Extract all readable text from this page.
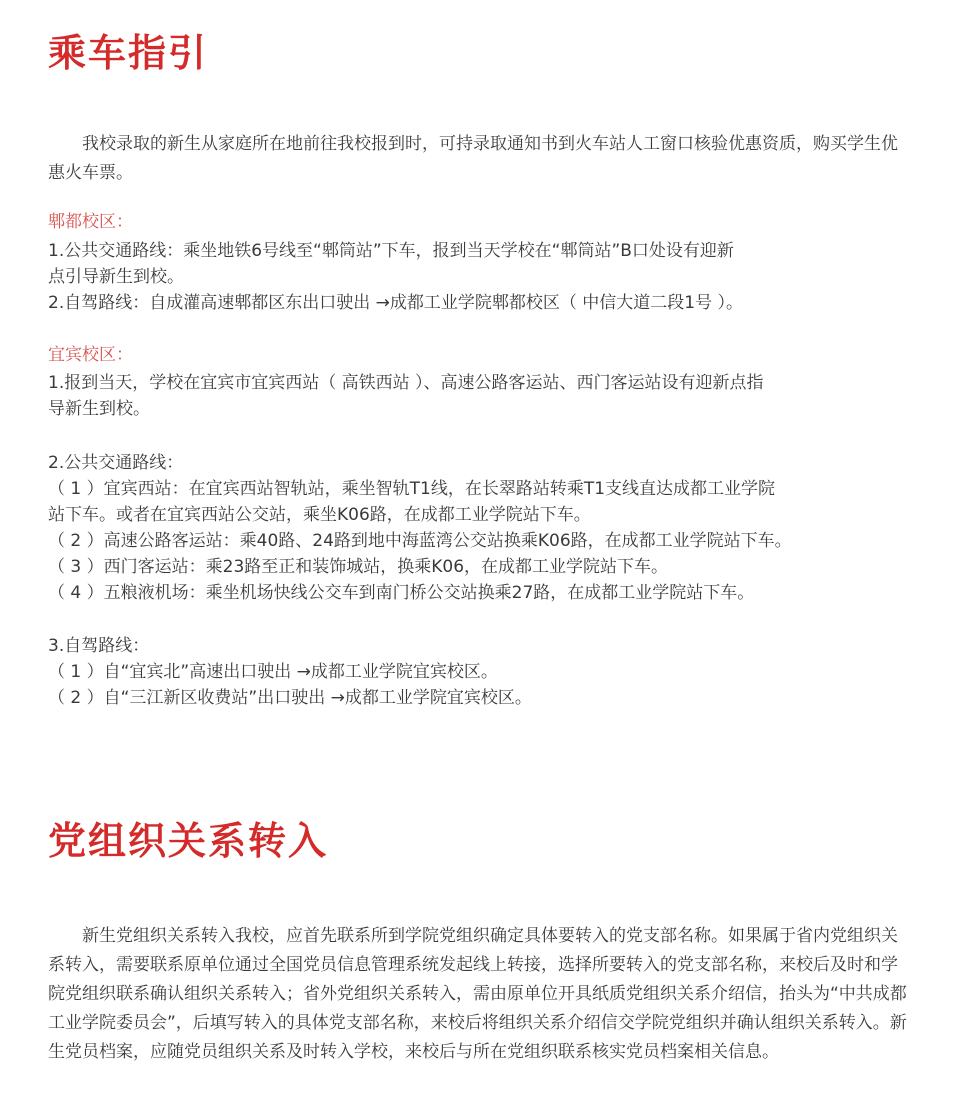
乘车指引

我校录取的新生从家庭所在地前往我校报到时，可持录取通知书到火车站人工窗口核验优惠资质，购买学生优惠火车票。

郫都校区：

1.公共交通路线：乘坐地铁6号线至“郫筒站”下车，报到当天学校在“郫筒站”B口处设有迎新

点引导新生到校。

2.自驾路线：自成灌高速郫都区东出口驶出 →成都工业学院郫都校区（ 中信大道二段1号 ）。

宜宾校区：

1.报到当天，学校在宜宾市宜宾西站（ 高铁西站 ）、高速公路客运站、西门客运站设有迎新点指

导新生到校。

2.公共交通路线：

（ 1 ）宜宾西站：在宜宾西站智轨站，乘坐智轨T1线，在长翠路站转乘T1支线直达成都工业学院

站下车。或者在宜宾西站公交站，乘坐K06路，在成都工业学院站下车。

（ 2 ）高速公路客运站：乘40路、24路到地中海蓝湾公交站换乘K06路，在成都工业学院站下车。

（ 3 ）西门客运站：乘23路至正和装饰城站，换乘K06，在成都工业学院站下车。

（ 4 ）五粮液机场：乘坐机场快线公交车到南门桥公交站换乘27路，在成都工业学院站下车。

3.自驾路线：

（ 1 ）自“宜宾北”高速出口驶出 →成都工业学院宜宾校区。

（ 2 ）自“三江新区收费站”出口驶出 →成都工业学院宜宾校区。

党组织关系转入

新生党组织关系转入我校，应首先联系所到学院党组织确定具体要转入的党支部名称。如果属于省内党组织关系转入，需要联系原单位通过全国党员信息管理系统发起线上转接，选择所要转入的党支部名称，来校后及时和学院党组织联系确认组织关系转入；省外党组织关系转入，需由原单位开具纸质党组织关系介绍信，抬头为“中共成都工业学院委员会”，后填写转入的具体党支部名称，来校后将组织关系介绍信交学院党组织并确认组织关系转入。新生党员档案，应随党员组织关系及时转入学校，来校后与所在党组织联系核实党员档案相关信息。
